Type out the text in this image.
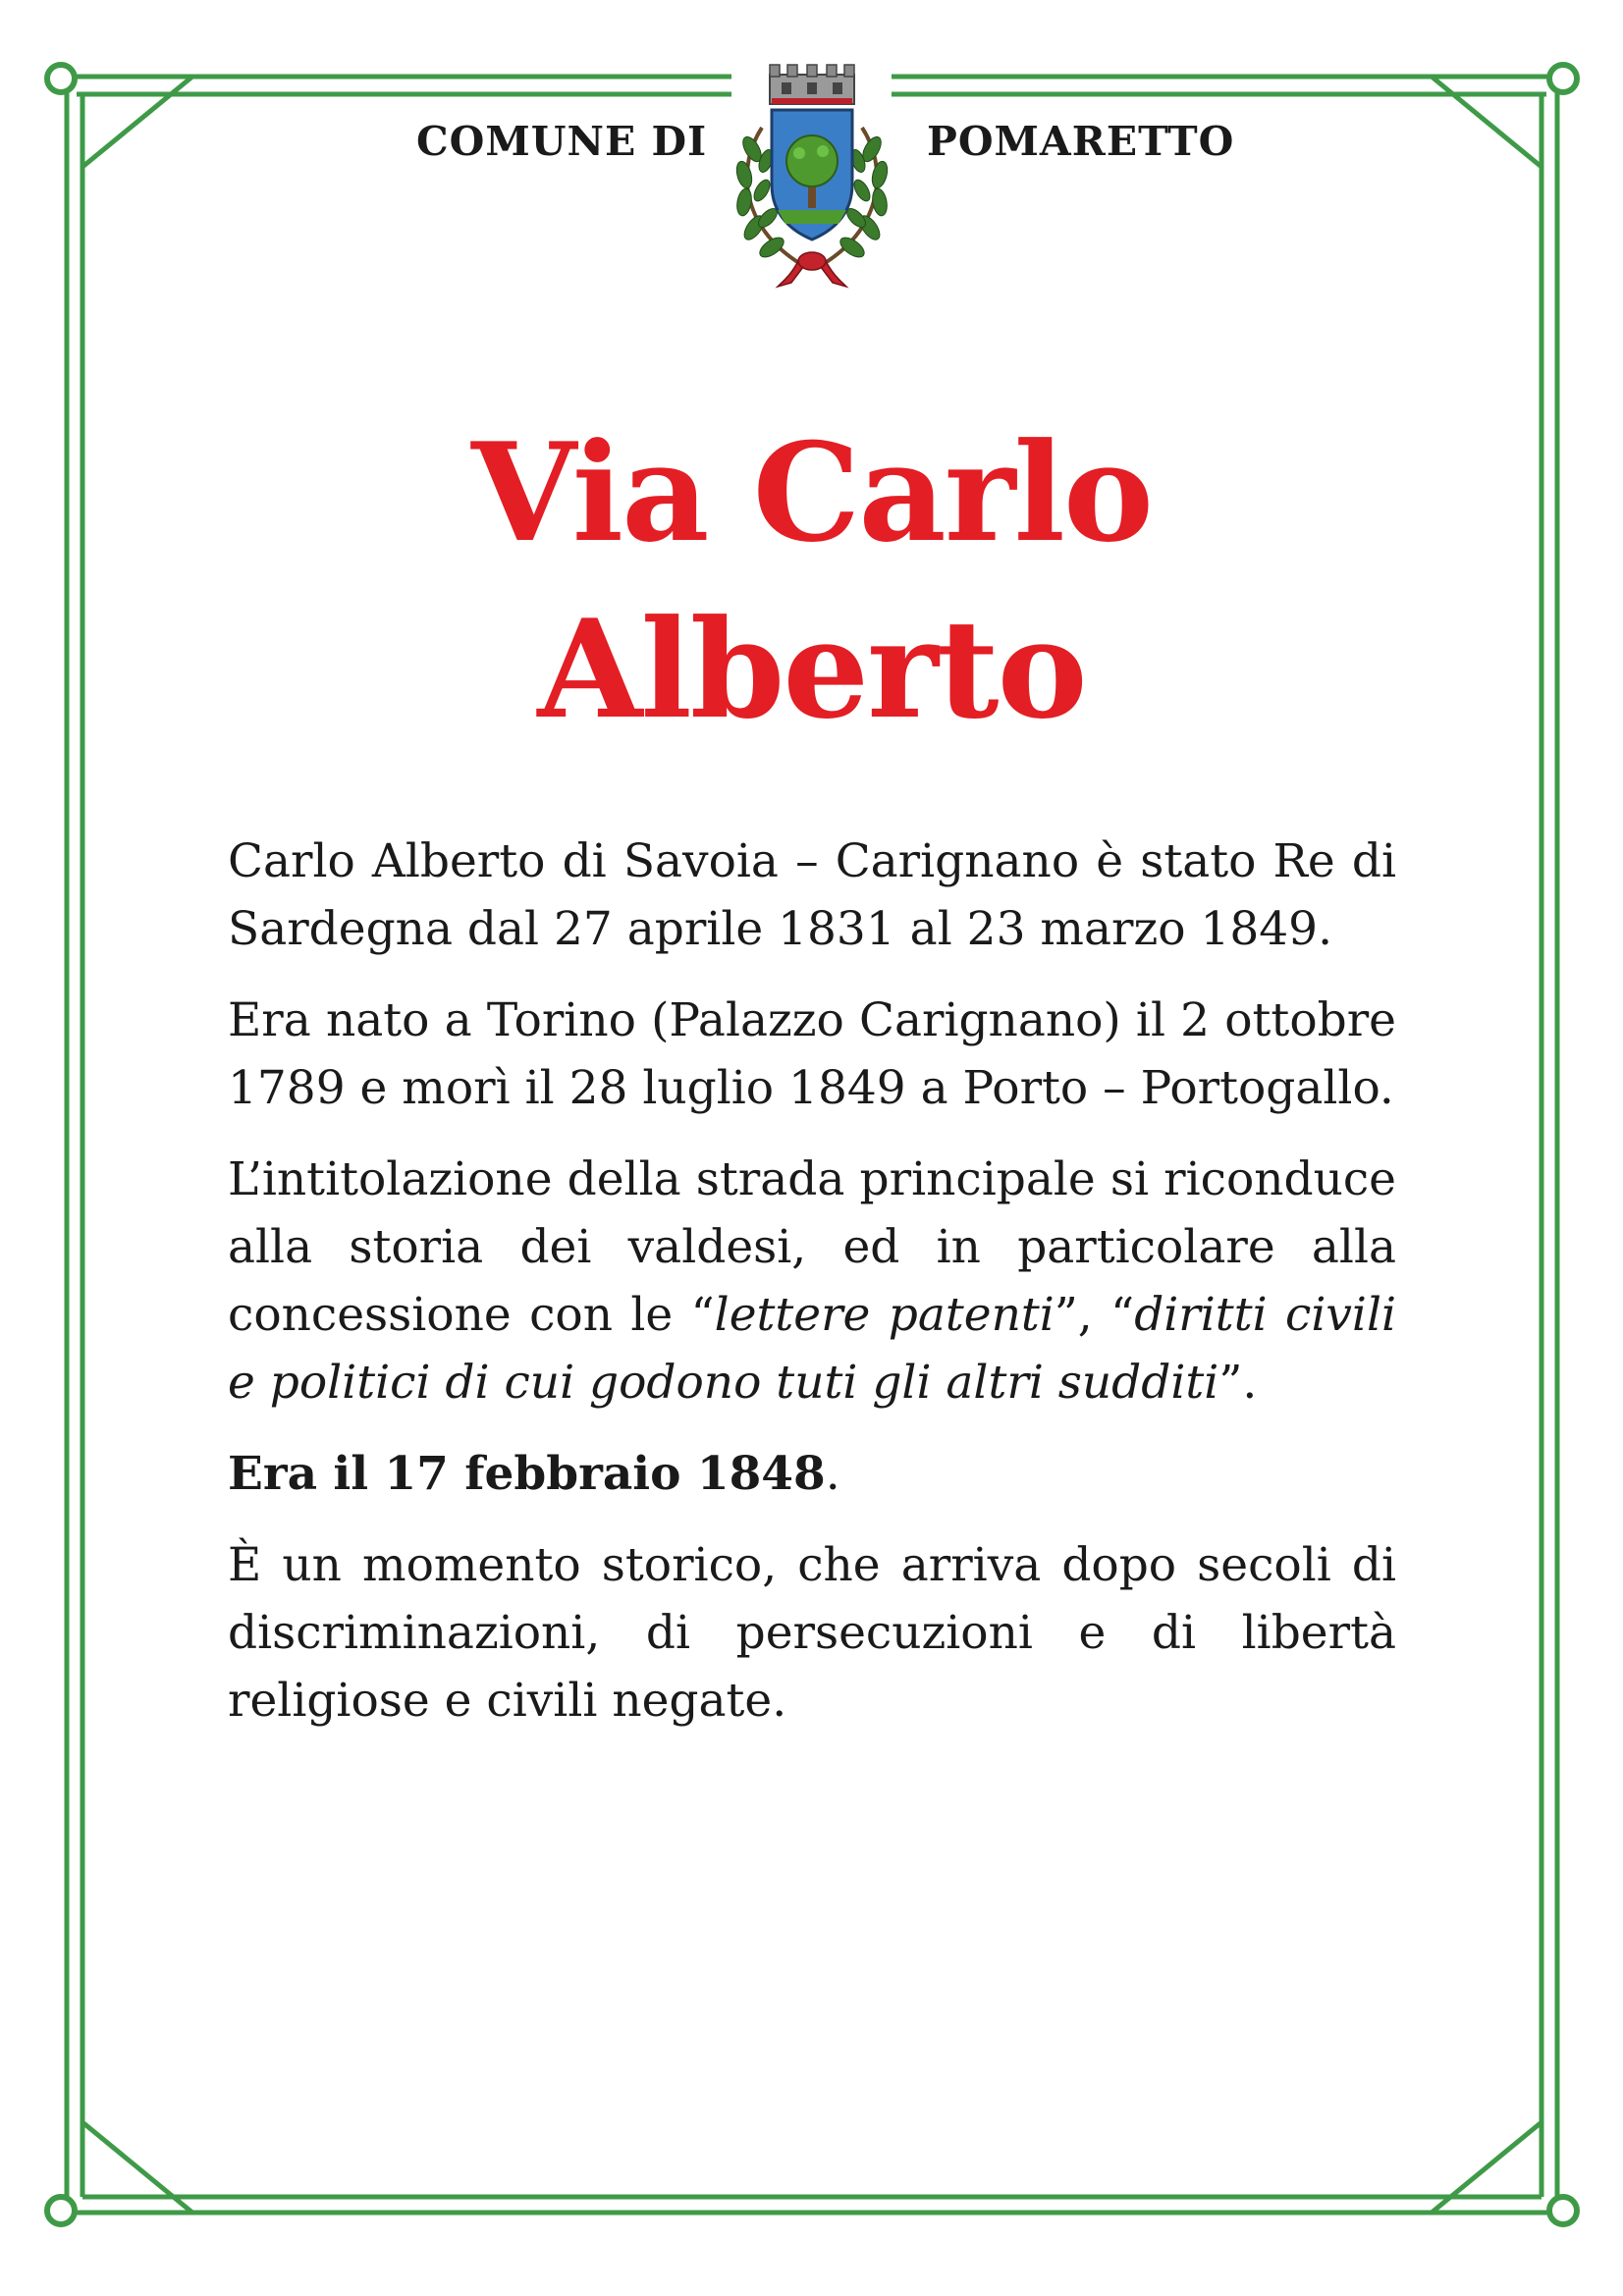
COMUNE DI	POMARETTO
Via Carlo
Alberto

Carlo Alberto di Savoia – Carignano è stato Re di Sardegna dal 27 aprile 1831 al 23 marzo 1849.

Era nato a Torino (Palazzo Carignano) il 2 ottobre 1789 e morì il 28 luglio 1849 a Porto – Portogallo.

L’intitolazione della strada principale si riconduce alla storia dei valdesi, ed in particolare alla concessione con le “lettere patenti”, “diritti civili e politici di cui godono tuti gli altri sudditi”.

Era il 17 febbraio 1848.

È un momento storico, che arriva dopo secoli di discriminazioni, di persecuzioni e di libertà religiose e civili negate.
